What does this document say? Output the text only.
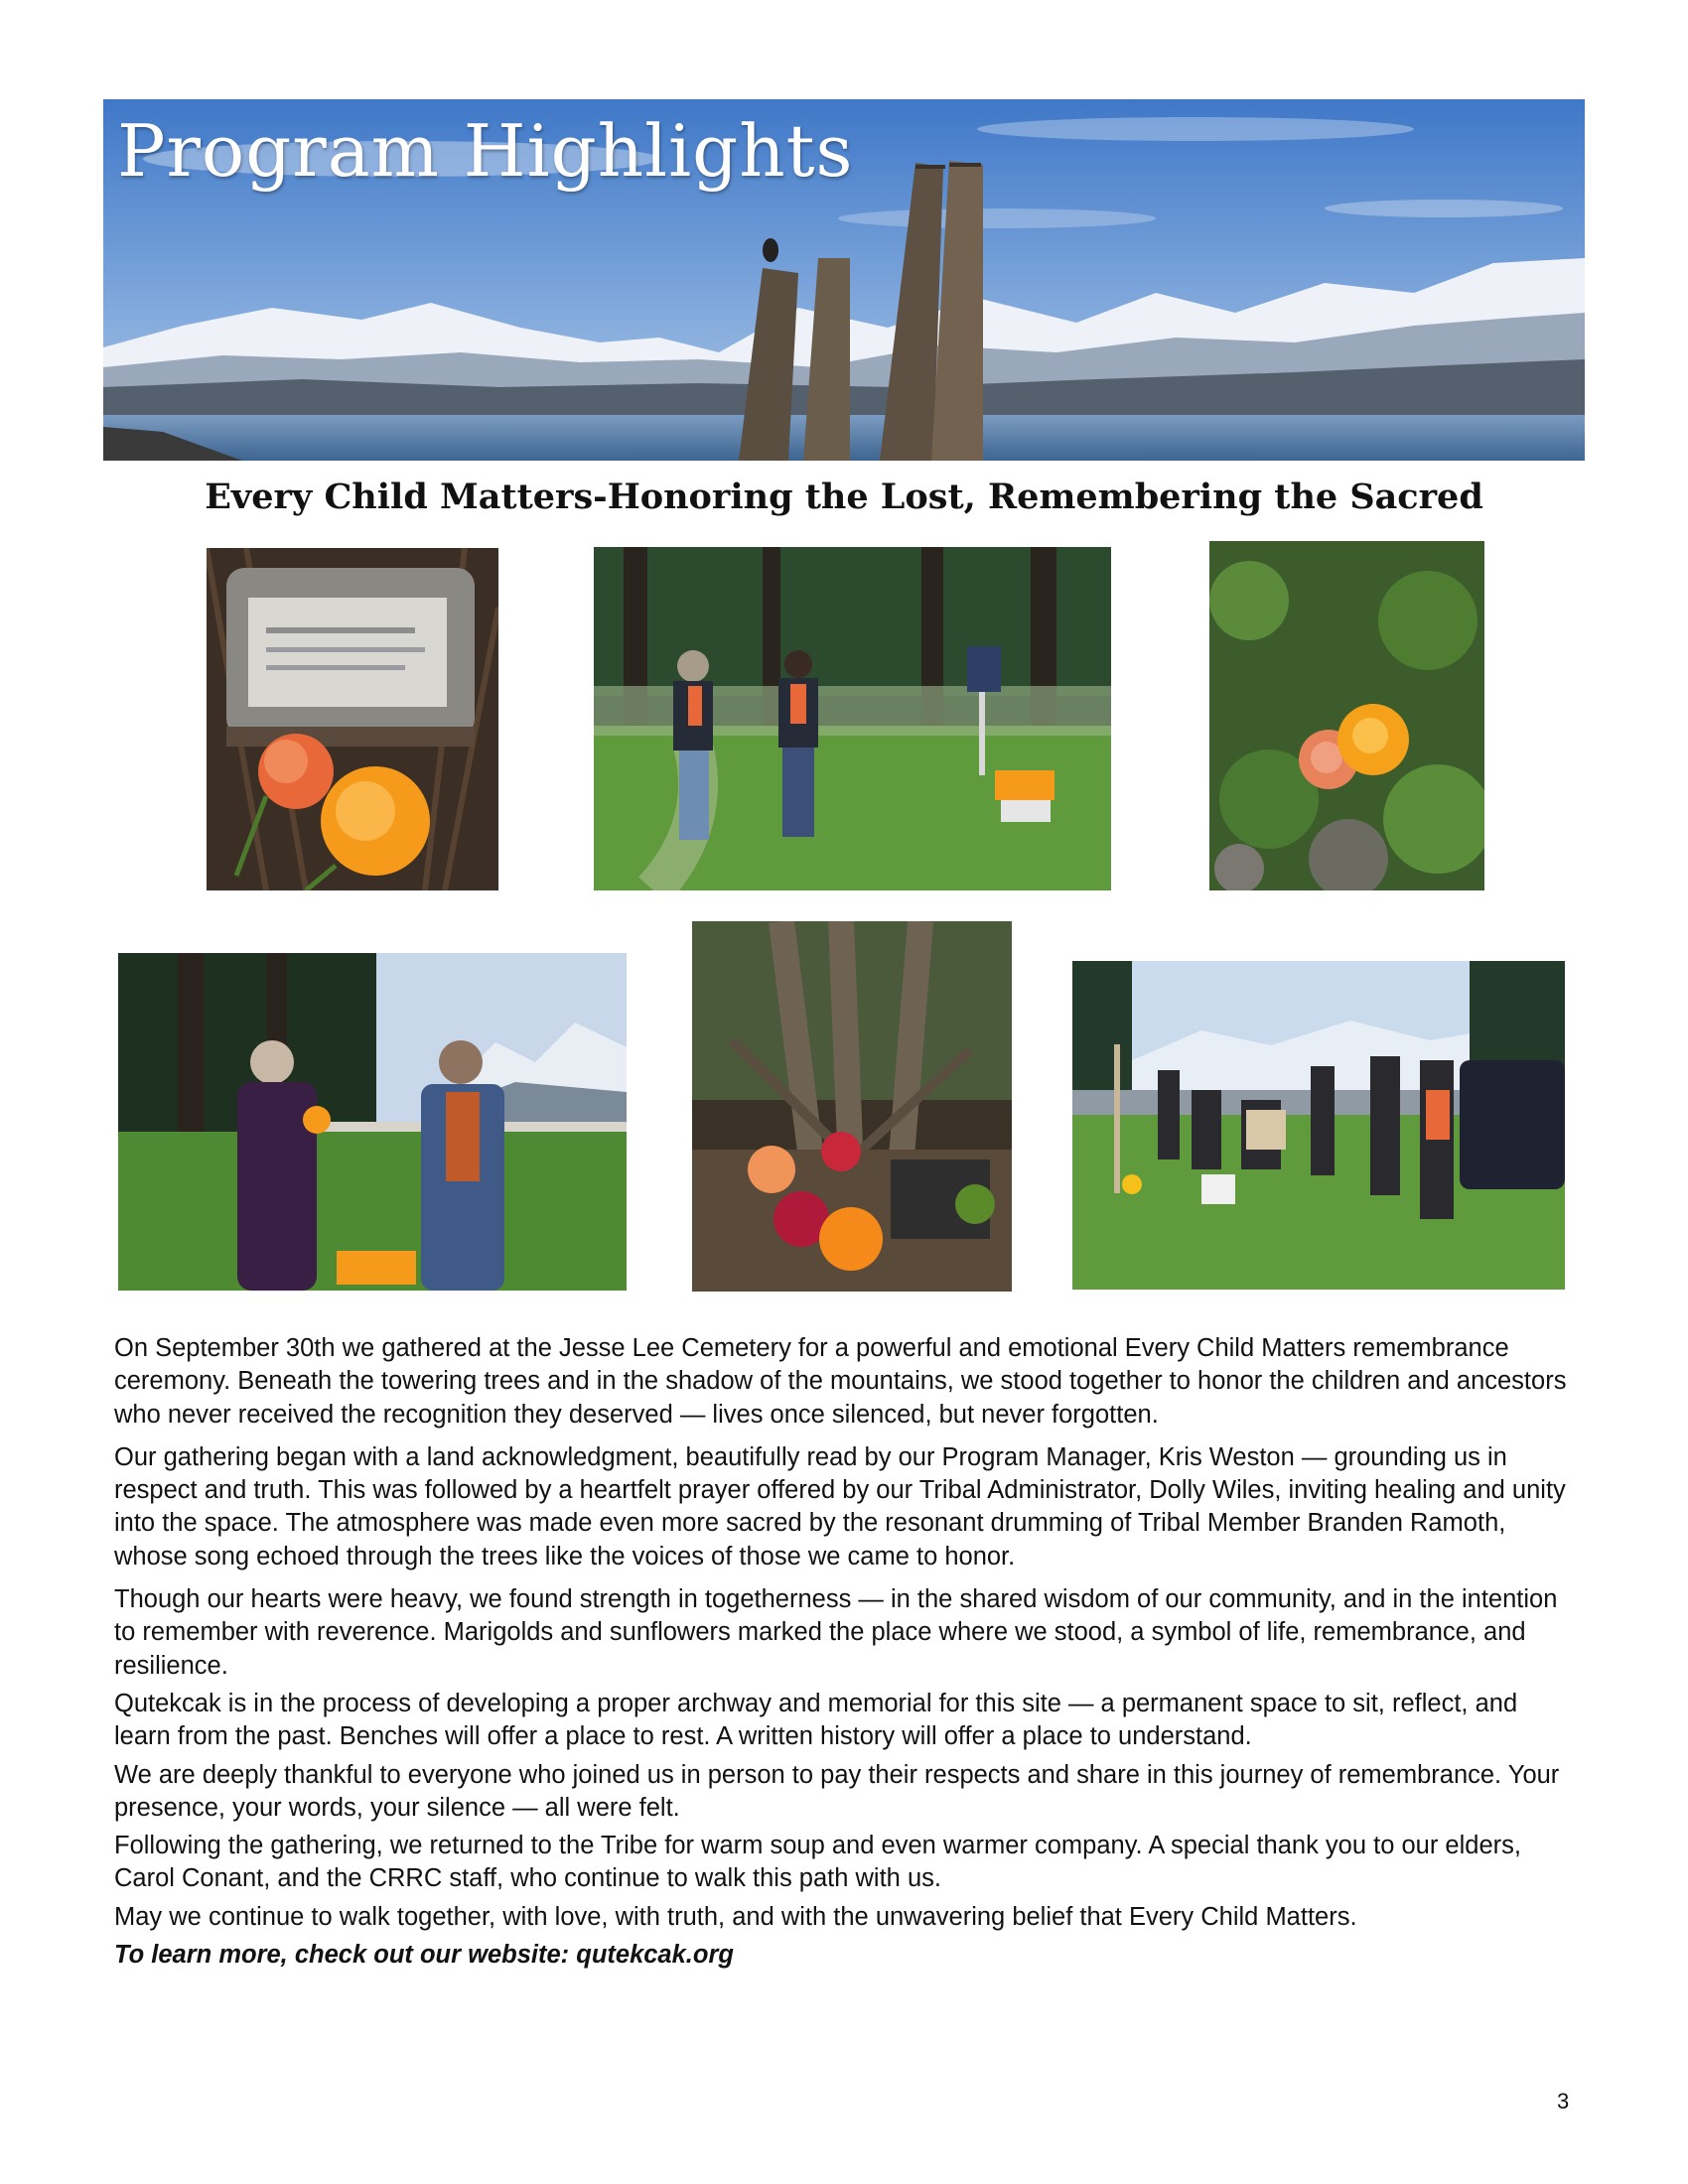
Program Highlights
Every Child Matters-Honoring the Lost, Remembering the Sacred

On September 30th we gathered at the Jesse Lee Cemetery for a powerful and emotional Every Child Matters remembrance ceremony. Beneath the towering trees and in the shadow of the mountains, we stood together to honor the children and ancestors who never received the recognition they deserved — lives once silenced, but never forgotten.

Our gathering began with a land acknowledgment, beautifully read by our Program Manager, Kris Weston — grounding us in respect and truth. This was followed by a heartfelt prayer offered by our Tribal Administrator, Dolly Wiles, inviting healing and unity into the space. The atmosphere was made even more sacred by the resonant drumming of Tribal Member Branden Ramoth, whose song echoed through the trees like the voices of those we came to honor.

Though our hearts were heavy, we found strength in togetherness — in the shared wisdom of our community, and in the intention to remember with reverence. Marigolds and sunflowers marked the place where we stood, a symbol of life, remembrance, and resilience.

Qutekcak is in the process of developing a proper archway and memorial for this site — a permanent space to sit, reflect, and learn from the past. Benches will offer a place to rest. A written history will offer a place to understand.

We are deeply thankful to everyone who joined us in person to pay their respects and share in this journey of remembrance. Your presence, your words, your silence — all were felt.

Following the gathering, we returned to the Tribe for warm soup and even warmer company. A special thank you to our elders, Carol Conant, and the CRRC staff, who continue to walk this path with us.

May we continue to walk together, with love, with truth, and with the unwavering belief that Every Child Matters.

To learn more, check out our website: qutekcak.org

3
